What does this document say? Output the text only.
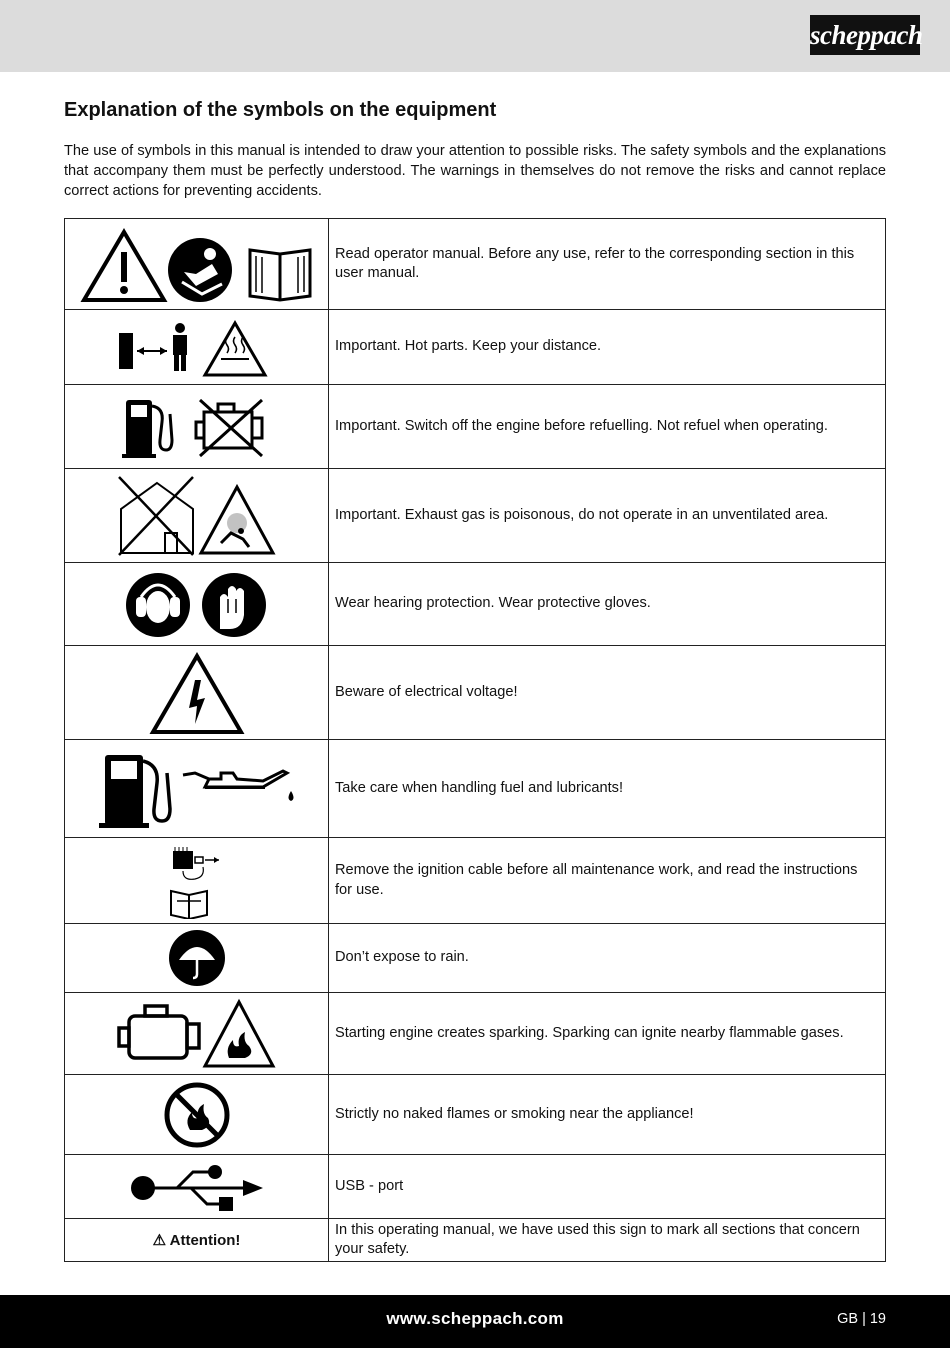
scheppach
Explanation of the symbols on the equipment

The use of symbols in this manual is intended to draw your attention to possible risks. The safety symbols and the explanations that accompany them must be perfectly understood. The warnings in themselves do not remove the risks and cannot replace correct actions for preventing accidents.

	Read operator manual. Before any use, refer to the corresponding section in this user manual.

	Important. Hot parts. Keep your distance.

	Important. Switch off the engine before refuelling. Not refuel when operating.

	Important. Exhaust gas is poisonous, do not operate in an unventilated area.

	Wear hearing protection. Wear protective gloves.

	Beware of electrical voltage!

	Take care when handling fuel and lubricants!

	Remove the ignition cable before all maintenance work, and read the instructions for use.

	Don’t expose to rain.

	Starting engine creates sparking. Sparking can ignite nearby flammable gases.

	Strictly no naked flames or smoking near the appliance!

	USB - port
⚠ Attention!	In this operating manual, we have used this sign to mark all sections that concern your safety.
www.scheppach.com	GB | 19
